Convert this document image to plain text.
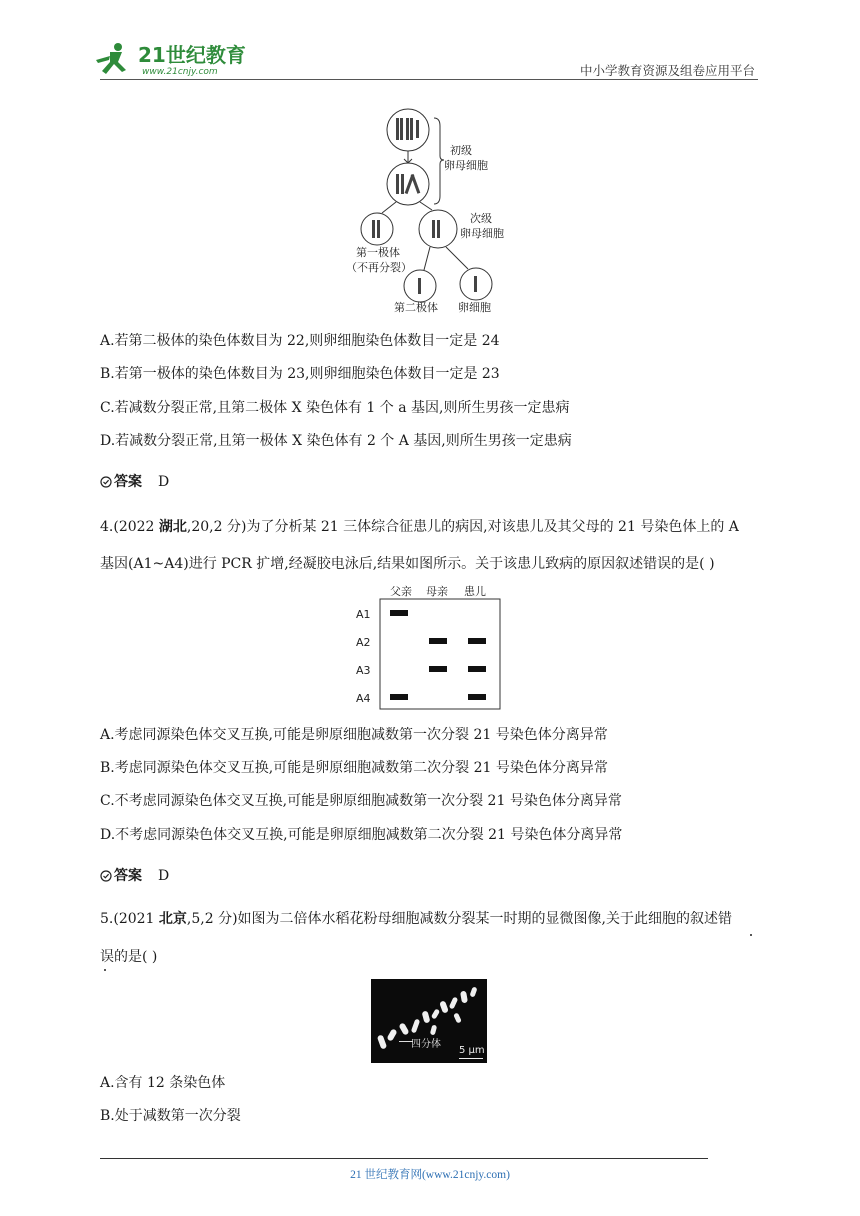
21世纪教育
www.21cnjy.com	中小学教育资源及组卷应用平台
初级
卵母细胞
次级
卵母细胞
第一极体
（不再分裂）
第二极体 卵细胞
A.若第二极体的染色体数目为 22,则卵细胞染色体数目一定是 24
B.若第一极体的染色体数目为 23,则卵细胞染色体数目一定是 23
C.若减数分裂正常,且第二极体 X 染色体有 1 个 a 基因,则所生男孩一定患病
D.若减数分裂正常,且第一极体 X 染色体有 2 个 A 基因,则所生男孩一定患病
答案 D
4.(2022 湖北,20,2 分)为了分析某 21 三体综合征患儿的病因,对该患儿及其父母的 21 号染色体上的 A
基因(A1~A4)进行 PCR 扩增,经凝胶电泳后,结果如图所示。关于该患儿致病的原因叙述错误的是( )
父亲 母亲 患儿
A1
A2
A3
A4
A.考虑同源染色体交叉互换,可能是卵原细胞减数第一次分裂 21 号染色体分离异常
B.考虑同源染色体交叉互换,可能是卵原细胞减数第二次分裂 21 号染色体分离异常
C.不考虑同源染色体交叉互换,可能是卵原细胞减数第一次分裂 21 号染色体分离异常
D.不考虑同源染色体交叉互换,可能是卵原细胞减数第二次分裂 21 号染色体分离异常
答案 D
5.(2021 北京,5,2 分)如图为二倍体水稻花粉母细胞减数分裂某一时期的显微图像,关于此细胞的叙述错
误的是( )
四分体
5 μm
A.含有 12 条染色体
B.处于减数第一次分裂
21 世纪教育网(www.21cnjy.com)
